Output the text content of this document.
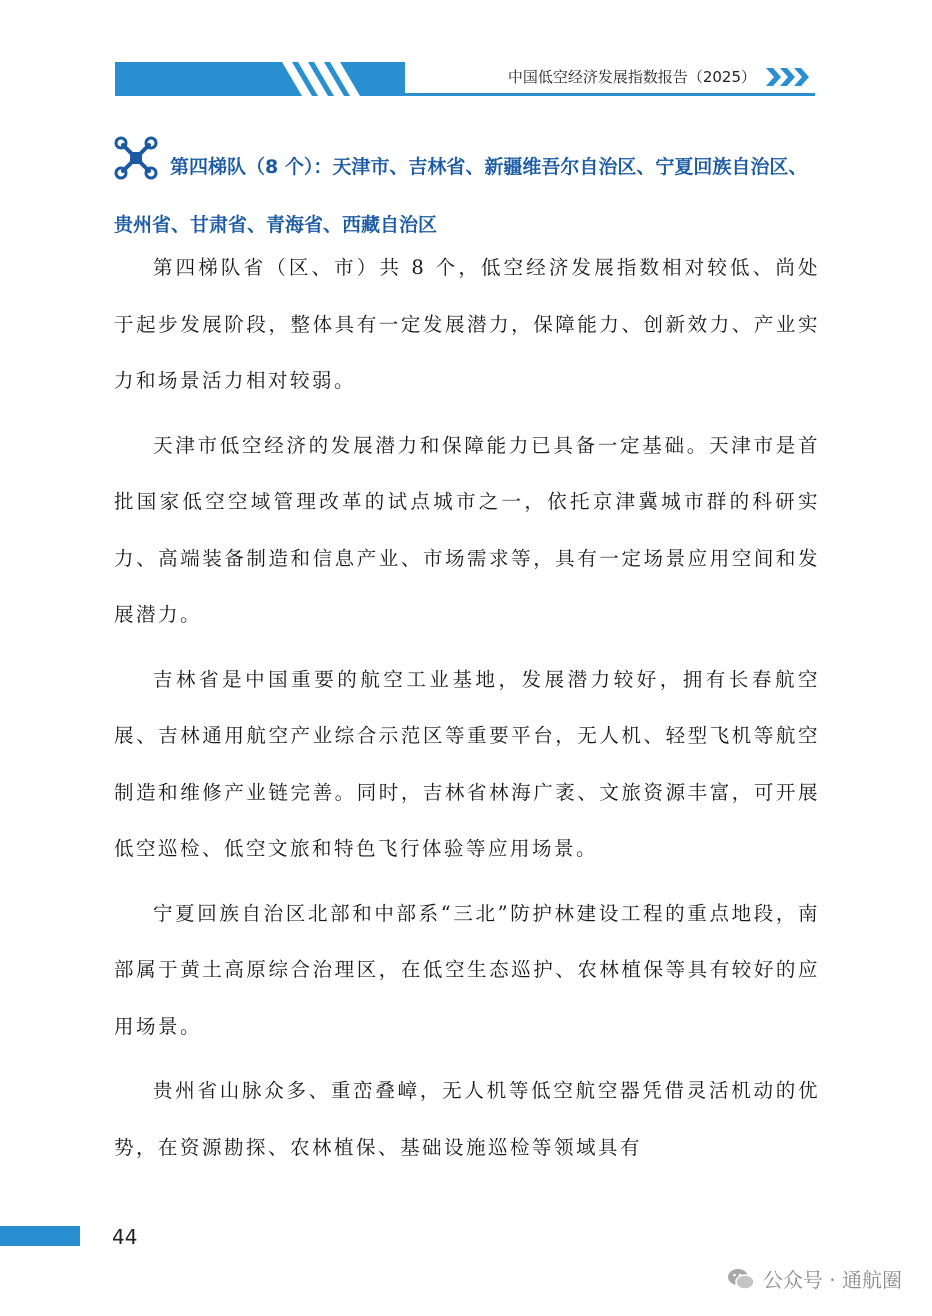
中国低空经济发展指数报告（2025）
第四梯队（8 个）：天津市、吉林省、新疆维吾尔自治区、宁夏回族自治区、贵州省、甘肃省、青海省、西藏自治区

第四梯队省（区、市）共 8 个，低空经济发展指数相对较低、尚处于起步发展阶段，整体具有一定发展潜力，保障能力、创新效力、产业实力和场景活力相对较弱。

天津市低空经济的发展潜力和保障能力已具备一定基础。天津市是首批国家低空空域管理改革的试点城市之一，依托京津冀城市群的科研实力、高端装备制造和信息产业、市场需求等，具有一定场景应用空间和发展潜力。

吉林省是中国重要的航空工业基地，发展潜力较好，拥有长春航空展、吉林通用航空产业综合示范区等重要平台，无人机、轻型飞机等航空制造和维修产业链完善。同时，吉林省林海广袤、文旅资源丰富，可开展低空巡检、低空文旅和特色飞行体验等应用场景。

宁夏回族自治区北部和中部系“三北”防护林建设工程的重点地段，南部属于黄土高原综合治理区，在低空生态巡护、农林植保等具有较好的应用场景。

贵州省山脉众多、重峦叠嶂，无人机等低空航空器凭借灵活机动的优势，在资源勘探、农林植保、基础设施巡检等领域具有

44
公众号 · 通航圈
